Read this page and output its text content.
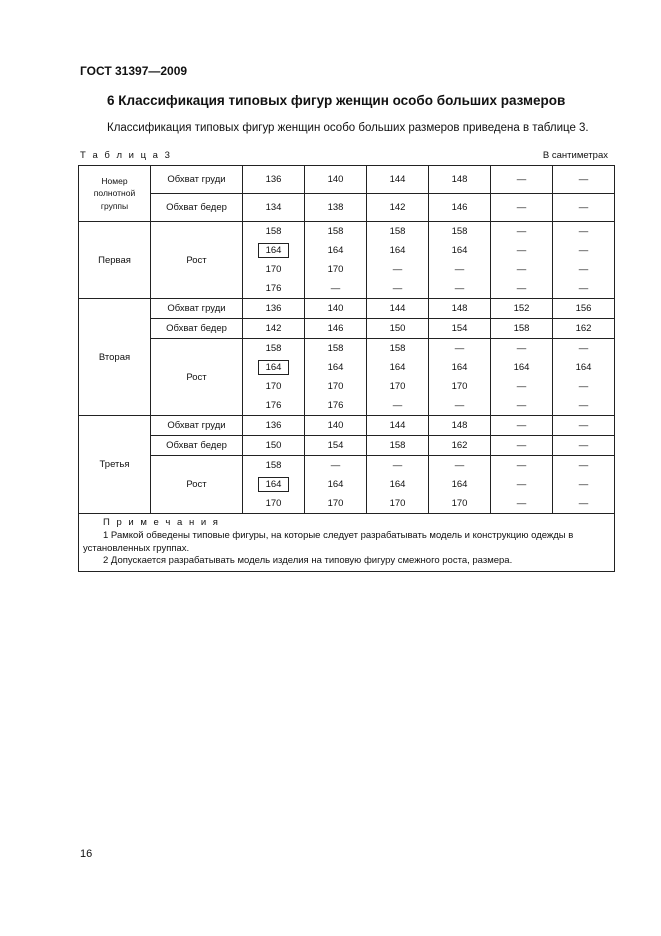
ГОСТ 31397—2009
6 Классификация типовых фигур женщин особо больших размеров
Классификация типовых фигур женщин особо больших размеров приведена в таблице 3.
Т а б л и ц а 3	В сантиметрах
Номер полнотной группы	Обхват груди	136	140	144	148	—	—
	Обхват бедер	134	138	142	146	—	—
Первая	Рост	158	158	158	158	—	—
		164	164	164	164	—	—
		170	170	—	—	—	—
		176	—	—	—	—	—
Вторая	Обхват груди	136	140	144	148	152	156
	Обхват бедер	142	146	150	154	158	162
	Рост	158	158	158	—	—	—
		164	164	164	164	164	164
		170	170	170	170	—	—
		176	176	—	—	—	—
Третья	Обхват груди	136	140	144	148	—	—
	Обхват бедер	150	154	158	162	—	—
	Рост	158	—	—	—	—	—
		164	164	164	164	—	—
		170	170	170	170	—	—

П р и м е ч а н и я
1 Рамкой обведены типовые фигуры, на которые следует разрабатывать модель и конструкцию одежды в установленных группах.
2 Допускается разрабатывать модель изделия на типовую фигуру смежного роста, размера.							
16
